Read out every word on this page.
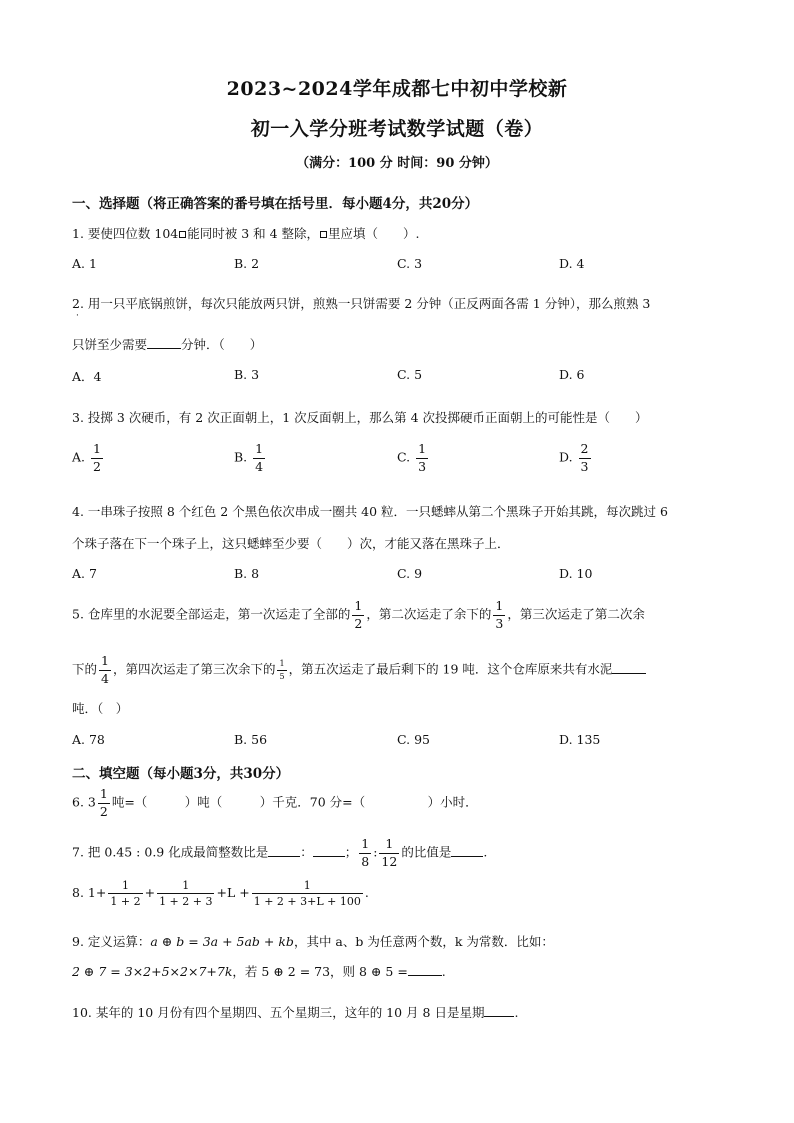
2023~2024学年成都七中初中学校新
初一入学分班考试数学试题（卷）
（满分：100 分 时间：90 分钟）
一、选择题（将正确答案的番号填在括号里．每小题4分，共20分）
1. 要使四位数 104 能同时被 3 和 4 整除， 里应填（　　）.
A. 1	B. 2	C. 3	D. 4
2. 用一只平底锅煎饼，每次只能放两只饼，煎熟一只饼需要 2 分钟（正反两面各需 1 分钟），那么煎熟 3
·
只饼至少需要	分钟．（　　）
A．4	B. 3	C. 5	D. 6
3. 投掷 3 次硬币，有 2 次正面朝上，1 次反面朝上，那么第 4 次投掷硬币正面朝上的可能性是（　　）
A. $\frac{1}{2}$	B. $\frac{1}{4}$	C. $\frac{1}{3}$	D. $\frac{2}{3}$
4. 一串珠子按照 8 个红色 2 个黑色依次串成一圈共 40 粒．一只蟋蟀从第二个黑珠子开始其跳，每次跳过 6
个珠子落在下一个珠子上，这只蟋蟀至少要（　　）次，才能又落在黑珠子上．
A. 7	B. 8	C. 9	D. 10
5. 仓库里的水泥要全部运走，第一次运走了全部的 $\frac{1}{2}$ ，第二次运走了余下的 $\frac{1}{3}$ ，第三次运走了第二次余
下的 $\frac{1}{4}$ ，第四次运走了第三次余下的 $\frac{1}{5}$ ，第五次运走了最后剩下的 19 吨．这个仓库原来共有水泥
吨．（　）
A. 78	B. 56	C. 95	D. 135
二、填空题（每小题3分，共30分）
6. $3 \frac{1}{2}$ 吨=（　　　）吨（　　　）千克．70 分=（　　　　　）小时．
7. 把 0.45 : 0.9 化成最简整数比是	：	； $\frac{1}{8}$ : $\frac{1}{12}$ 的比值是	.
8. $1+ \frac{1}{1 + 2} + \frac{1}{1 + 2 + 3} +L + \frac{1}{1 + 2 + 3+L + 100}$ .
9. 定义运算：a ⊕ b = 3a + 5ab + kb，其中 a、b 为任意两个数，k 为常数．比如：
2 ⊕ 7 = 3×2+5×2×7+7k，若 5 ⊕ 2 = 73，则 8 ⊕ 5 =	.
10. 某年的 10 月份有四个星期四、五个星期三，这年的 10 月 8 日是星期 .
